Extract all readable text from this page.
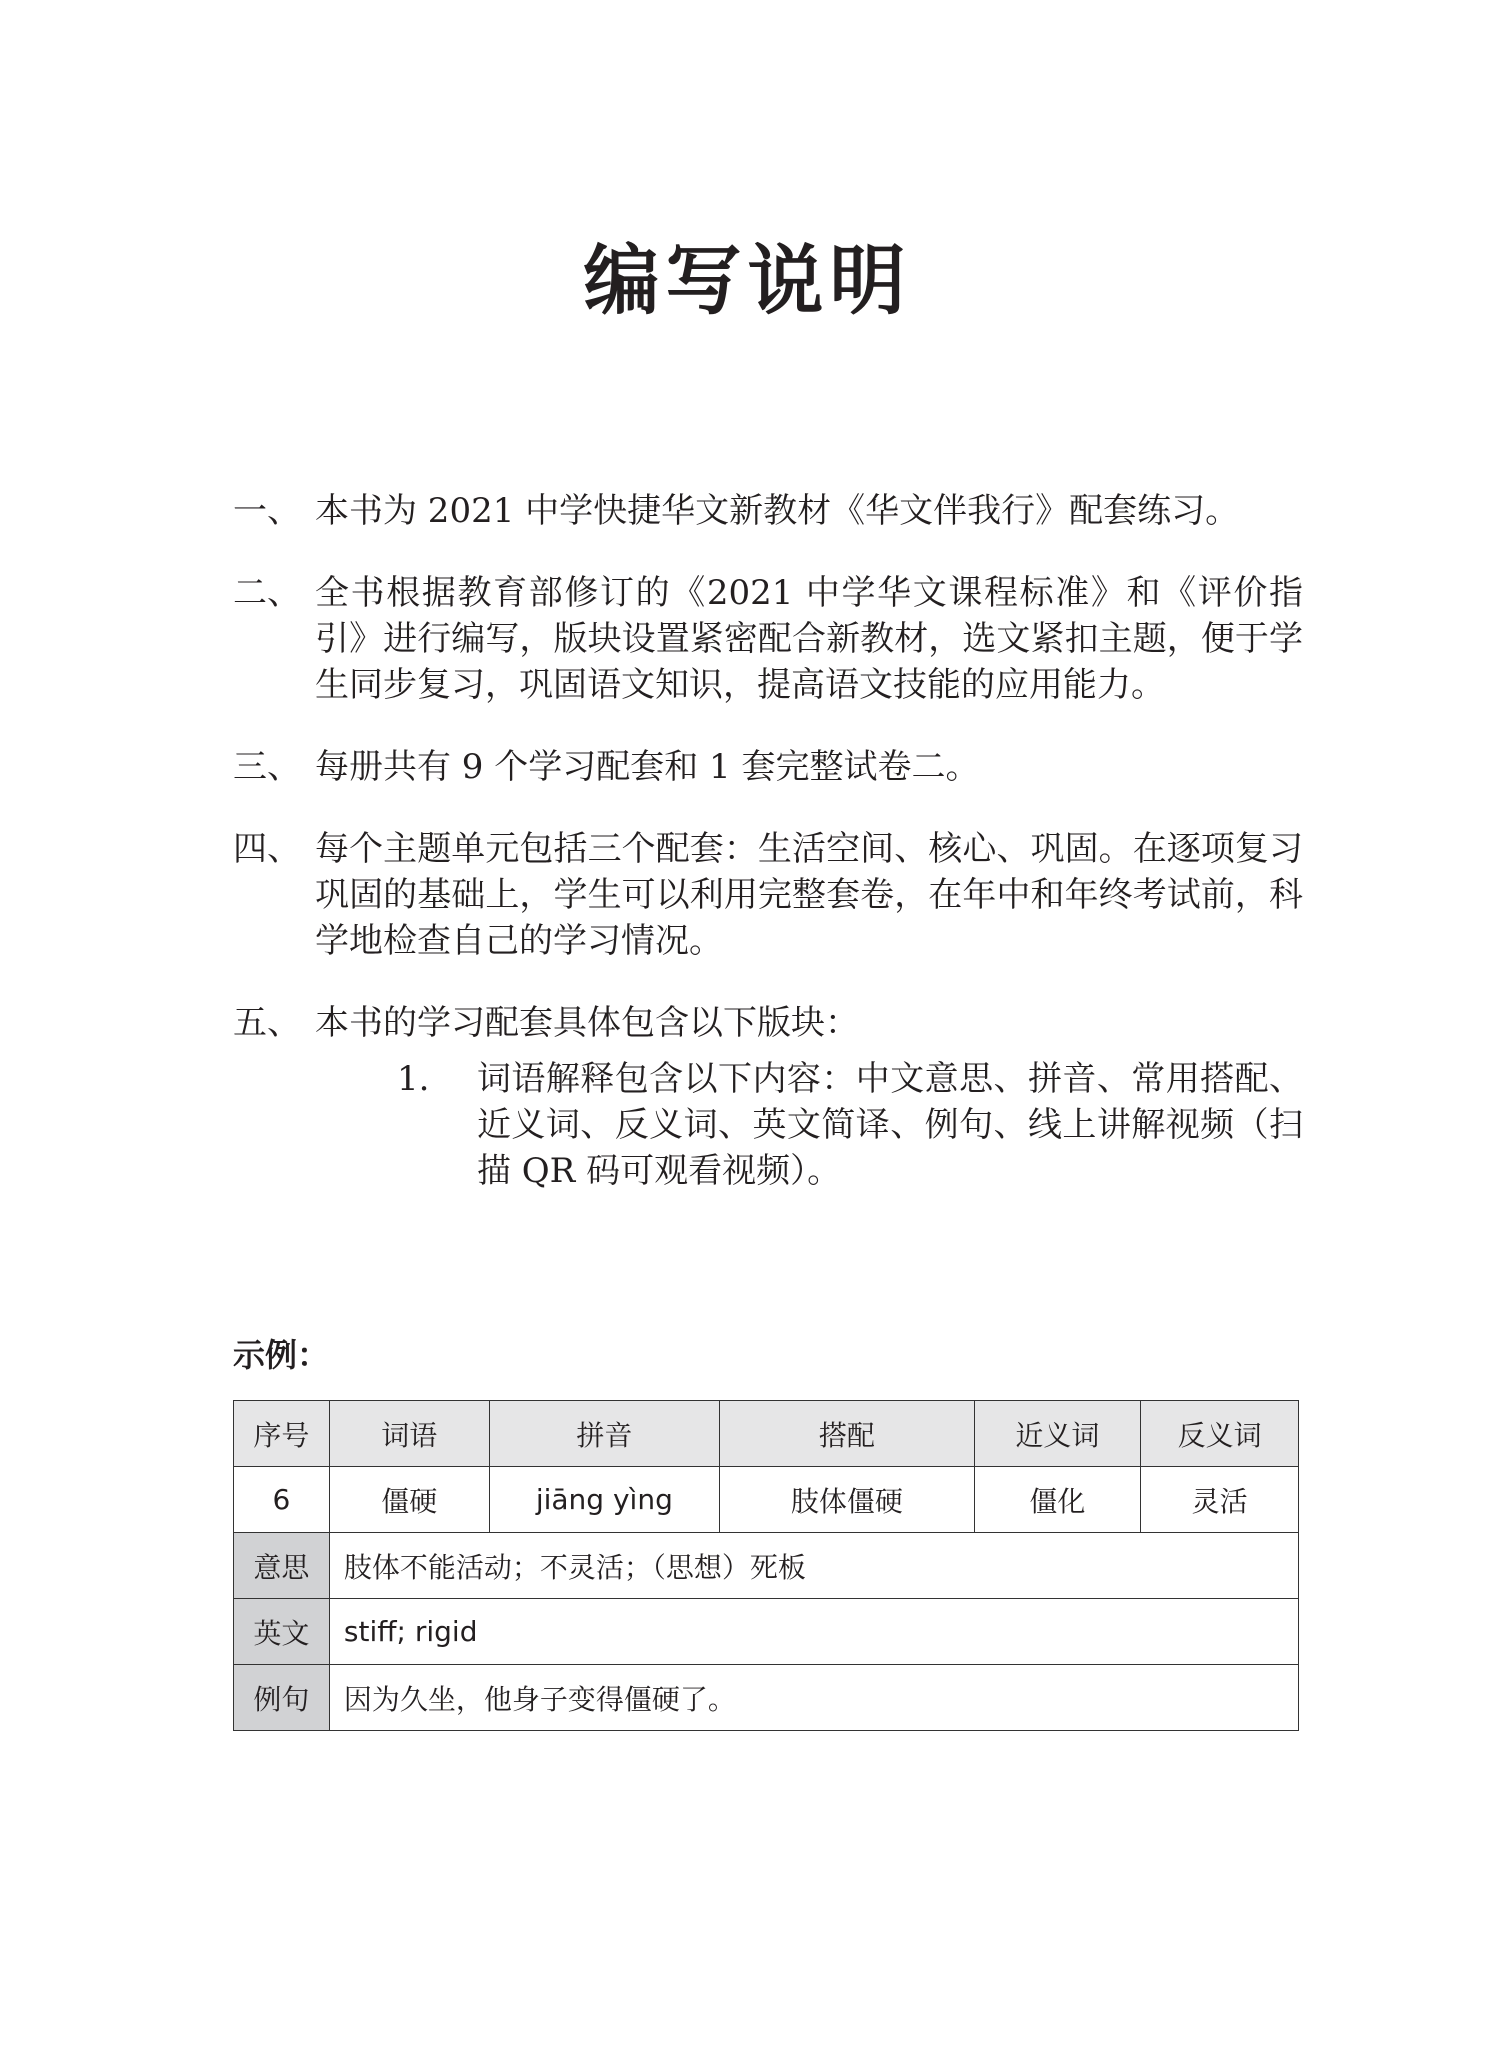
编写说明
一、 本书为 2021 中学快捷华文新教材《华文伴我行》配套练习。
二、 全书根据教育部修订的《2021 中学华文课程标准》和《评价指引》进行编写，版块设置紧密配合新教材，选文紧扣主题，便于学生同步复习，巩固语文知识，提高语文技能的应用能力。
三、 每册共有 9 个学习配套和 1 套完整试卷二。
四、 每个主题单元包括三个配套：生活空间、核心、巩固。在逐项复习巩固的基础上，学生可以利用完整套卷，在年中和年终考试前，科学地检查自己的学习情况。
五、 本书的学习配套具体包含以下版块：
1.	词语解释包含以下内容：中文意思、拼音、常用搭配、近义词、反义词、英文简译、例句、线上讲解视频（扫描 QR 码可观看视频）。
示例：
序号	词语	拼音	搭配	近义词	反义词
6	僵硬	jiāng yìng	肢体僵硬	僵化	灵活
意思	肢体不能活动；不灵活；（思想）死板				
英文	stiff; rigid				
例句	因为久坐，他身子变得僵硬了。				
